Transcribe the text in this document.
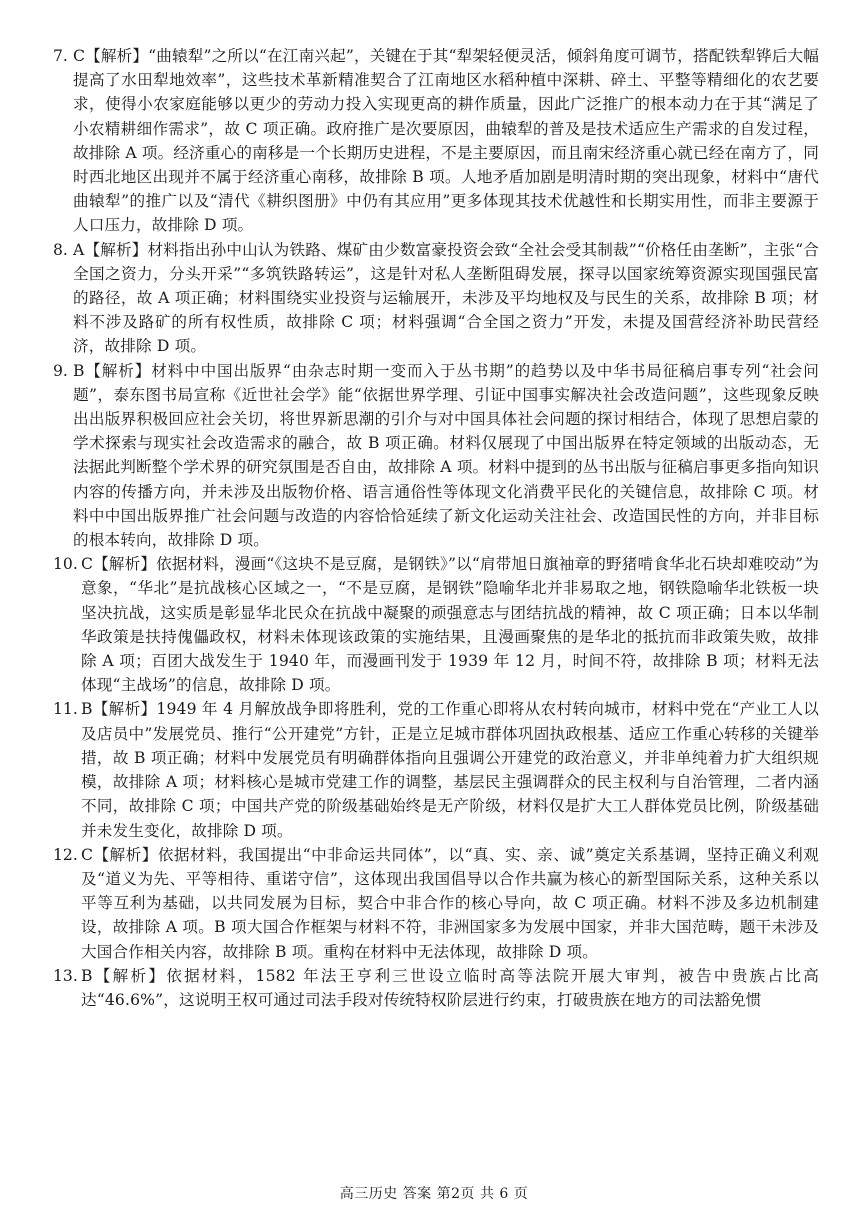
7. C【解析】“曲辕犁”之所以“在江南兴起”，关键在于其“犁架轻便灵活，倾斜角度可调节，搭配铁犁铧后大幅提高了水田犁地效率”，这些技术革新精准契合了江南地区水稻种植中深耕、碎土、平整等精细化的农艺要求，使得小农家庭能够以更少的劳动力投入实现更高的耕作质量，因此广泛推广的根本动力在于其“满足了小农精耕细作需求”，故 C 项正确。政府推广是次要原因，曲辕犁的普及是技术适应生产需求的自发过程，故排除 A 项。经济重心的南移是一个长期历史进程，不是主要原因，而且南宋经济重心就已经在南方了，同时西北地区出现并不属于经济重心南移，故排除 B 项。人地矛盾加剧是明清时期的突出现象，材料中“唐代曲辕犁”的推广以及“清代《耕织图册》中仍有其应用”更多体现其技术优越性和长期实用性，而非主要源于人口压力，故排除 D 项。

8. A【解析】材料指出孙中山认为铁路、煤矿由少数富豪投资会致“全社会受其制裁”“价格任由垄断”，主张“合全国之资力，分头开采”“多筑铁路转运”，这是针对私人垄断阻碍发展，探寻以国家统筹资源实现国强民富的路径，故 A 项正确；材料围绕实业投资与运输展开，未涉及平均地权及与民生的关系，故排除 B 项；材料不涉及路矿的所有权性质，故排除 C 项；材料强调“合全国之资力”开发，未提及国营经济补助民营经济，故排除 D 项。

9. B【解析】材料中中国出版界“由杂志时期一变而入于丛书期”的趋势以及中华书局征稿启事专列“社会问题”，泰东图书局宣称《近世社会学》能“依据世界学理、引证中国事实解决社会改造问题”，这些现象反映出出版界积极回应社会关切，将世界新思潮的引介与对中国具体社会问题的探讨相结合，体现了思想启蒙的学术探索与现实社会改造需求的融合，故 B 项正确。材料仅展现了中国出版界在特定领域的出版动态，无法据此判断整个学术界的研究氛围是否自由，故排除 A 项。材料中提到的丛书出版与征稿启事更多指向知识内容的传播方向，并未涉及出版物价格、语言通俗性等体现文化消费平民化的关键信息，故排除 C 项。材料中中国出版界推广社会问题与改造的内容恰恰延续了新文化运动关注社会、改造国民性的方向，并非目标的根本转向，故排除 D 项。

10. C【解析】依据材料，漫画“《这块不是豆腐，是钢铁》”以“肩带旭日旗袖章的野猪啃食华北石块却难咬动”为意象，“华北”是抗战核心区域之一，“不是豆腐，是钢铁”隐喻华北并非易取之地，钢铁隐喻华北铁板一块坚决抗战，这实质是彰显华北民众在抗战中凝聚的顽强意志与团结抗战的精神，故 C 项正确；日本以华制华政策是扶持傀儡政权，材料未体现该政策的实施结果，且漫画聚焦的是华北的抵抗而非政策失败，故排除 A 项；百团大战发生于 1940 年，而漫画刊发于 1939 年 12 月，时间不符，故排除 B 项；材料无法体现“主战场”的信息，故排除 D 项。

11. B【解析】1949 年 4 月解放战争即将胜利，党的工作重心即将从农村转向城市，材料中党在“产业工人以及店员中”发展党员、推行“公开建党”方针，正是立足城市群体巩固执政根基、适应工作重心转移的关键举措，故 B 项正确；材料中发展党员有明确群体指向且强调公开建党的政治意义，并非单纯着力扩大组织规模，故排除 A 项；材料核心是城市党建工作的调整，基层民主强调群众的民主权利与自治管理，二者内涵不同，故排除 C 项；中国共产党的阶级基础始终是无产阶级，材料仅是扩大工人群体党员比例，阶级基础并未发生变化，故排除 D 项。

12. C【解析】依据材料，我国提出“中非命运共同体”，以“真、实、亲、诚”奠定关系基调，坚持正确义利观及“道义为先、平等相待、重诺守信”，这体现出我国倡导以合作共赢为核心的新型国际关系，这种关系以平等互利为基础，以共同发展为目标，契合中非合作的核心导向，故 C 项正确。材料不涉及多边机制建设，故排除 A 项。B 项大国合作框架与材料不符，非洲国家多为发展中国家，并非大国范畴，题干未涉及大国合作相关内容，故排除 B 项。重构在材料中无法体现，故排除 D 项。

13. B【解析】依据材料，1582 年法王亨利三世设立临时高等法院开展大审判，被告中贵族占比高达“46.6%”，这说明王权可通过司法手段对传统特权阶层进行约束，打破贵族在地方的司法豁免惯

高三历史 答案 第2页 共 6 页
